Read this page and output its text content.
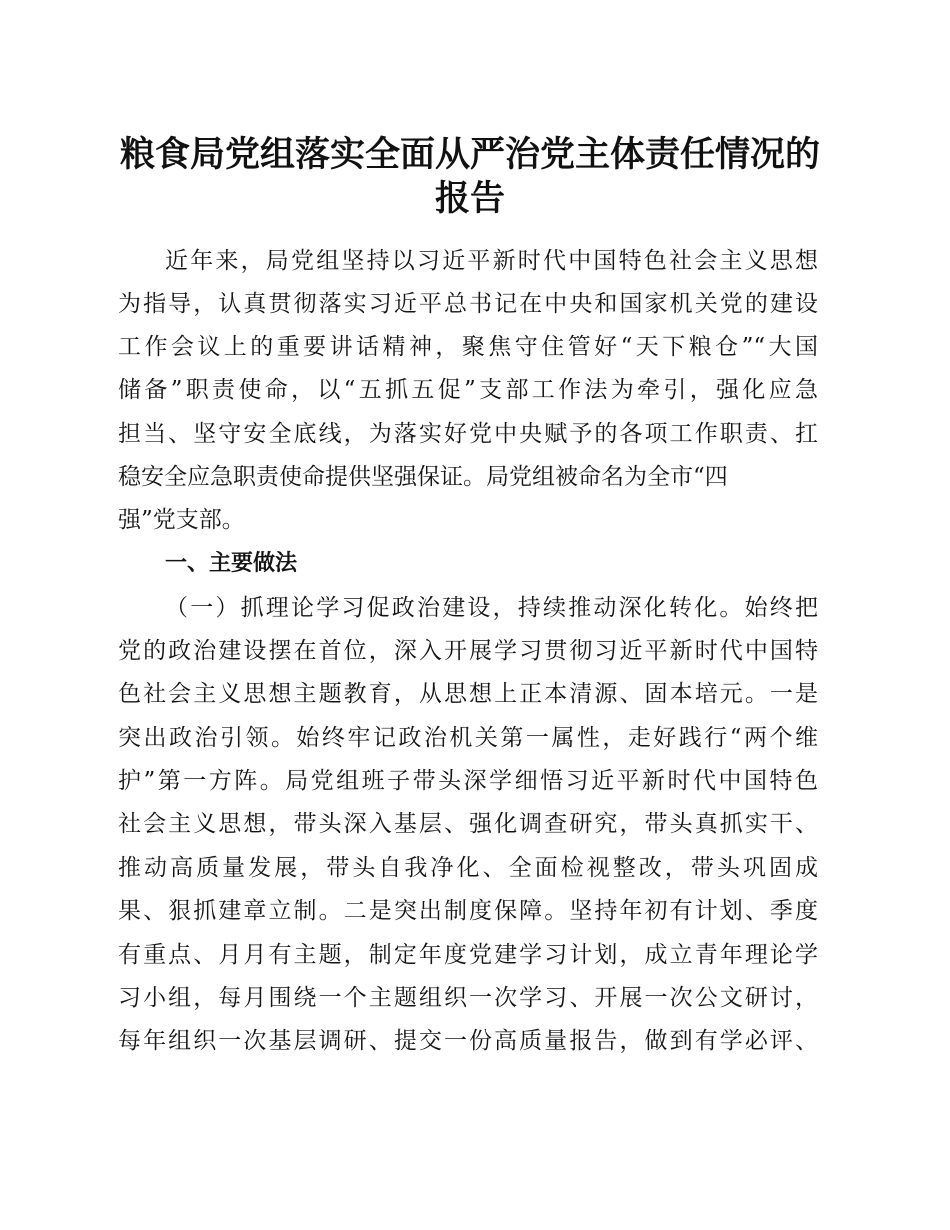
粮食局党组落实全面从严治党主体责任情况的
报告
近年来，局党组坚持以习近平新时代中国特色社会主义思想
为指导，认真贯彻落实习近平总书记在中央和国家机关党的建设
工作会议上的重要讲话精神，聚焦守住管好“天下粮仓”“大国
储备”职责使命，以“五抓五促”支部工作法为牵引，强化应急
担当、坚守安全底线，为落实好党中央赋予的各项工作职责、扛
稳安全应急职责使命提供坚强保证。局党组被命名为全市“四
强”党支部。
一、主要做法
（一）抓理论学习促政治建设，持续推动深化转化。始终把
党的政治建设摆在首位，深入开展学习贯彻习近平新时代中国特
色社会主义思想主题教育，从思想上正本清源、固本培元。一是
突出政治引领。始终牢记政治机关第一属性，走好践行“两个维
护”第一方阵。局党组班子带头深学细悟习近平新时代中国特色
社会主义思想，带头深入基层、强化调查研究，带头真抓实干、
推动高质量发展，带头自我净化、全面检视整改，带头巩固成
果、狠抓建章立制。二是突出制度保障。坚持年初有计划、季度
有重点、月月有主题，制定年度党建学习计划，成立青年理论学
习小组，每月围绕一个主题组织一次学习、开展一次公文研讨，
每年组织一次基层调研、提交一份高质量报告，做到有学必评、
